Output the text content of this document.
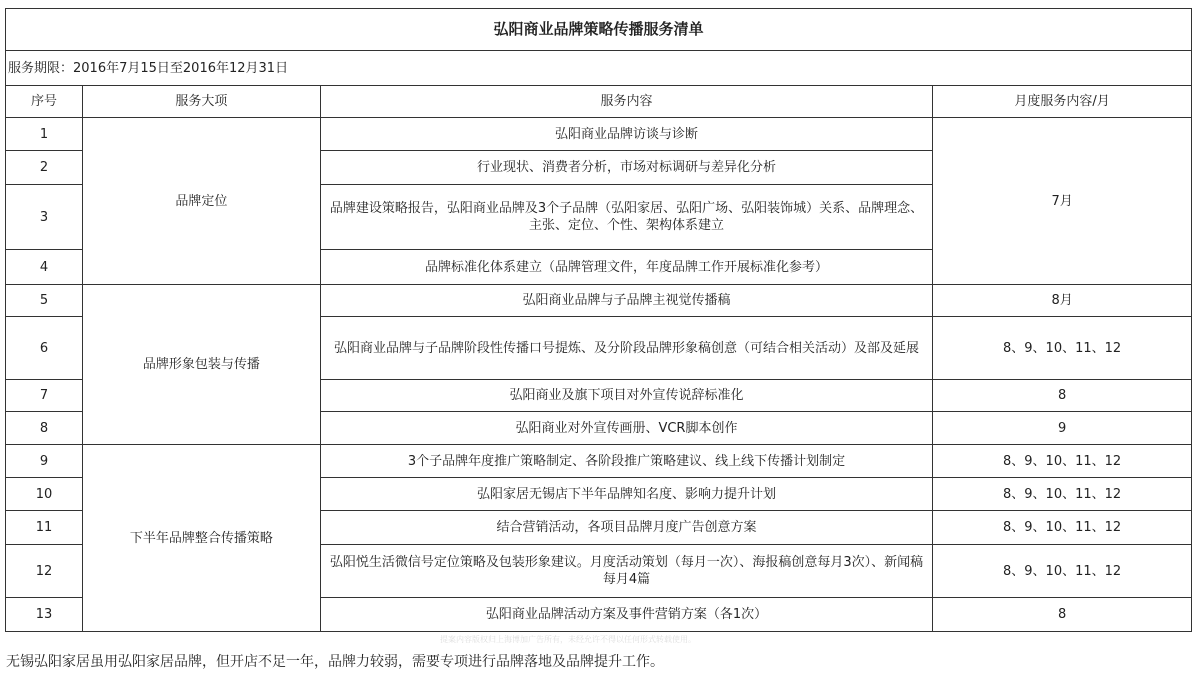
弘阳商业品牌策略传播服务清单			
服务期限：2016年7月15日至2016年12月31日			
序号	服务大项	服务内容	月度服务内容/月
1	品牌定位	弘阳商业品牌访谈与诊断	7月
2		行业现状、消费者分析，市场对标调研与差异化分析	
3		品牌建设策略报告，弘阳商业品牌及3个子品牌（弘阳家居、弘阳广场、弘阳装饰城）关系、品牌理念、主张、定位、个性、架构体系建立	
4		品牌标准化体系建立（品牌管理文件，年度品牌工作开展标准化参考）	
5	品牌形象包装与传播	弘阳商业品牌与子品牌主视觉传播稿	8月
6		弘阳商业品牌与子品牌阶段性传播口号提炼、及分阶段品牌形象稿创意（可结合相关活动）及部及延展	8、9、10、11、12
7		弘阳商业及旗下项目对外宣传说辞标准化	8
8		弘阳商业对外宣传画册、VCR脚本创作	9
9	下半年品牌整合传播策略	3个子品牌年度推广策略制定、各阶段推广策略建议、线上线下传播计划制定	8、9、10、11、12
10		弘阳家居无锡店下半年品牌知名度、影响力提升计划	8、9、10、11、12
11		结合营销活动，各项目品牌月度广告创意方案	8、9、10、11、12
12		弘阳悦生活微信号定位策略及包装形象建议。月度活动策划（每月一次）、海报稿创意每月3次）、新闻稿每月4篇	8、9、10、11、12
13		弘阳商业品牌活动方案及事件营销方案（各1次）	8
提案内容版权归上海博加广告所有，未经允许不得以任何形式转载使用。
无锡弘阳家居虽用弘阳家居品牌，但开店不足一年，品牌力较弱，需要专项进行品牌落地及品牌提升工作。
